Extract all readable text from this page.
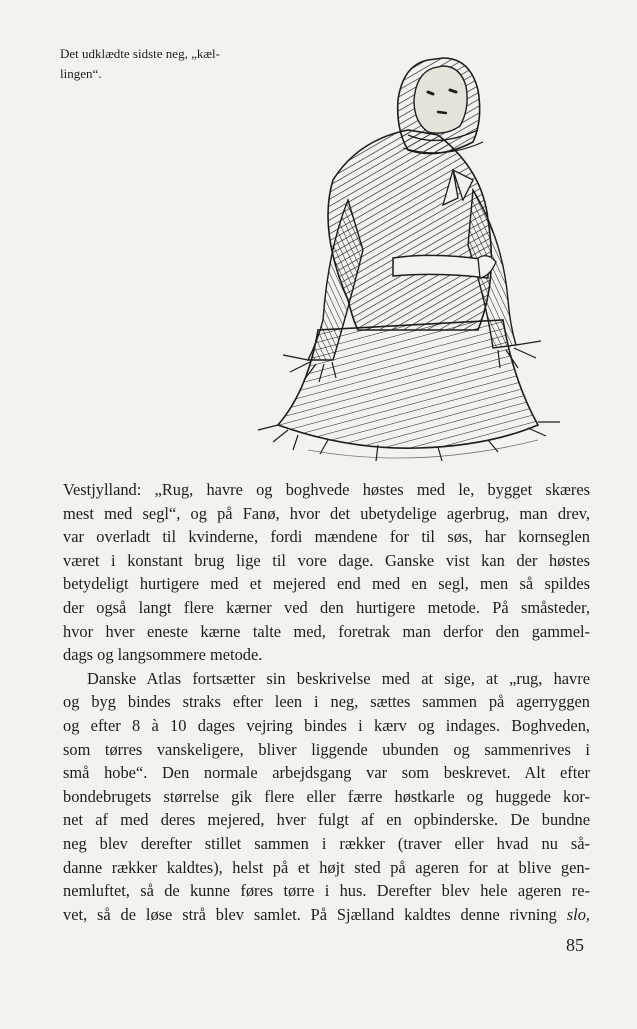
Det udklædte sidste neg, „kæl-
lingen“.
Vestjylland: „Rug, havre og boghvede høstes med le, bygget skæres
mest med segl“, og på Fanø, hvor det ubetydelige agerbrug, man drev,
var overladt til kvinderne, fordi mændene for til søs, har kornseglen
været i konstant brug lige til vore dage. Ganske vist kan der høstes
betydeligt hurtigere med et mejered end med en segl, men så spildes
der også langt flere kærner ved den hurtigere metode. På småsteder,
hvor hver eneste kærne talte med, foretrak man derfor den gammel-
dags og langsommere metode.
Danske Atlas fortsætter sin beskrivelse med at sige, at „rug, havre
og byg bindes straks efter leen i neg, sættes sammen på agerryggen
og efter 8 à 10 dages vejring bindes i kærv og indages. Boghveden,
som tørres vanskeligere, bliver liggende ubunden og sammenrives i
små hobe“. Den normale arbejdsgang var som beskrevet. Alt efter
bondebrugets størrelse gik flere eller færre høstkarle og huggede kor-
net af med deres mejered, hver fulgt af en opbinderske. De bundne
neg blev derefter stillet sammen i rækker (traver eller hvad nu så-
danne rækker kaldtes), helst på et højt sted på ageren for at blive gen-
nemluftet, så de kunne føres tørre i hus. Derefter blev hele ageren re-
vet, så de løse strå blev samlet. På Sjælland kaldtes denne rivning slo,
85
